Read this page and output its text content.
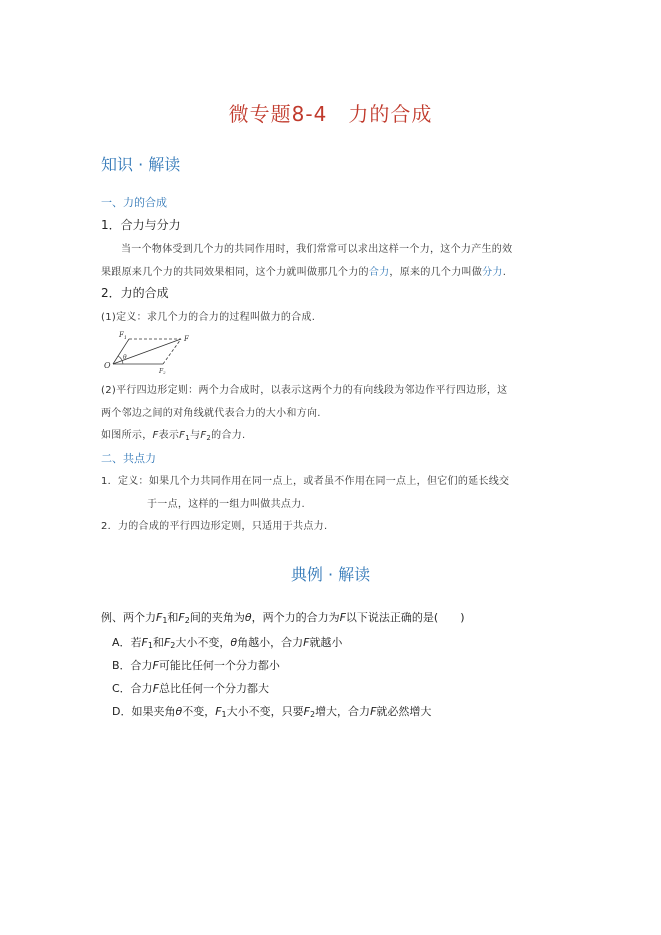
微专题8-4　力的合成
知识 · 解读
一、力的合成
1．合力与分力
当一个物体受到几个力的共同作用时，我们常常可以求出这样一个力，这个力产生的效
果跟原来几个力的共同效果相同，这个力就叫做那几个力的合力，原来的几个力叫做分力.
2．力的合成
(1)定义：求几个力的合力的过程叫做力的合成.
$F_1$	F
O
θ
F2
(2)平行四边形定则：两个力合成时，以表示这两个力的有向线段为邻边作平行四边形，这
两个邻边之间的对角线就代表合力的大小和方向.
如图所示，F表示$F_1$与$F_2$的合力.
二、共点力
1．定义：如果几个力共同作用在同一点上，或者虽不作用在同一点上，但它们的延长线交
于一点，这样的一组力叫做共点力.
2．力的合成的平行四边形定则，只适用于共点力.
典例 · 解读
例、两个力F1和F2间的夹角为θ，两个力的合力为F以下说法正确的是(　　)
A．若F1和F2大小不变，θ角越小，合力F就越小
B．合力F可能比任何一个分力都小
C．合力F总比任何一个分力都大
D．如果夹角θ不变，F1大小不变，只要F2增大，合力F就必然增大
